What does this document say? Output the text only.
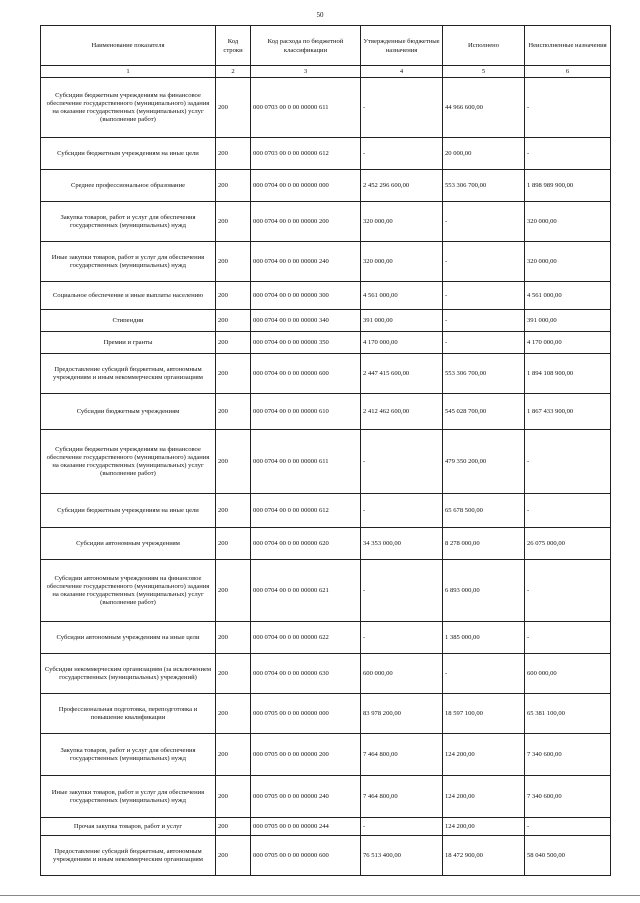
50
Наименование показателя	Код строки	Код расхода по бюджетной классификации	Утвержденные бюджетные назначения	Исполнено	Неисполненные назначения
1	2	3	4	5	6
Субсидии бюджетным учреждениям на финансовое обеспечение государственного (муниципального) задания на оказание государственных (муниципальных) услуг (выполнение работ)	200	000 0703 00 0 00 00000 611	-	44 966 600,00	-
Субсидии бюджетным учреждениям на иные цели	200	000 0703 00 0 00 00000 612	-	20 000,00	-
Среднее профессиональное образование	200	000 0704 00 0 00 00000 000	2 452 296 600,00	553 306 700,00	1 898 989 900,00
Закупка товаров, работ и услуг для обеспечения государственных (муниципальных) нужд	200	000 0704 00 0 00 00000 200	320 000,00	-	320 000,00
Иные закупки товаров, работ и услуг для обеспечения государственных (муниципальных) нужд	200	000 0704 00 0 00 00000 240	320 000,00	-	320 000,00
Социальное обеспечение и иные выплаты населению	200	000 0704 00 0 00 00000 300	4 561 000,00	-	4 561 000,00
Стипендии	200	000 0704 00 0 00 00000 340	391 000,00	-	391 000,00
Премии и гранты	200	000 0704 00 0 00 00000 350	4 170 000,00	-	4 170 000,00
Предоставление субсидий бюджетным, автономным учреждениям и иным некоммерческим организациям	200	000 0704 00 0 00 00000 600	2 447 415 600,00	553 306 700,00	1 894 108 900,00
Субсидии бюджетным учреждениям	200	000 0704 00 0 00 00000 610	2 412 462 600,00	545 028 700,00	1 867 433 900,00
Субсидии бюджетным учреждениям на финансовое обеспечение государственного (муниципального) задания на оказание государственных (муниципальных) услуг (выполнение работ)	200	000 0704 00 0 00 00000 611	-	479 350 200,00	-
Субсидии бюджетным учреждениям на иные цели	200	000 0704 00 0 00 00000 612	-	65 678 500,00	-
Субсидии автономным учреждениям	200	000 0704 00 0 00 00000 620	34 353 000,00	8 278 000,00	26 075 000,00
Субсидии автономным учреждениям на финансовое обеспечение государственного (муниципального) задания на оказание государственных (муниципальных) услуг (выполнение работ)	200	000 0704 00 0 00 00000 621	-	6 893 000,00	-
Субсидии автономным учреждениям на иные цели	200	000 0704 00 0 00 00000 622	-	1 385 000,00	-
Субсидии некоммерческим организациям (за исключением государственных (муниципальных) учреждений)	200	000 0704 00 0 00 00000 630	600 000,00	-	600 000,00
Профессиональная подготовка, переподготовка и повышение квалификации	200	000 0705 00 0 00 00000 000	83 978 200,00	18 597 100,00	65 381 100,00
Закупка товаров, работ и услуг для обеспечения государственных (муниципальных) нужд	200	000 0705 00 0 00 00000 200	7 464 800,00	124 200,00	7 340 600,00
Иные закупки товаров, работ и услуг для обеспечения государственных (муниципальных) нужд	200	000 0705 00 0 00 00000 240	7 464 800,00	124 200,00	7 340 600,00
Прочая закупка товаров, работ и услуг	200	000 0705 00 0 00 00000 244	-	124 200,00	-
Предоставление субсидий бюджетным, автономным учреждениям и иным некоммерческим организациям	200	000 0705 00 0 00 00000 600	76 513 400,00	18 472 900,00	58 040 500,00
